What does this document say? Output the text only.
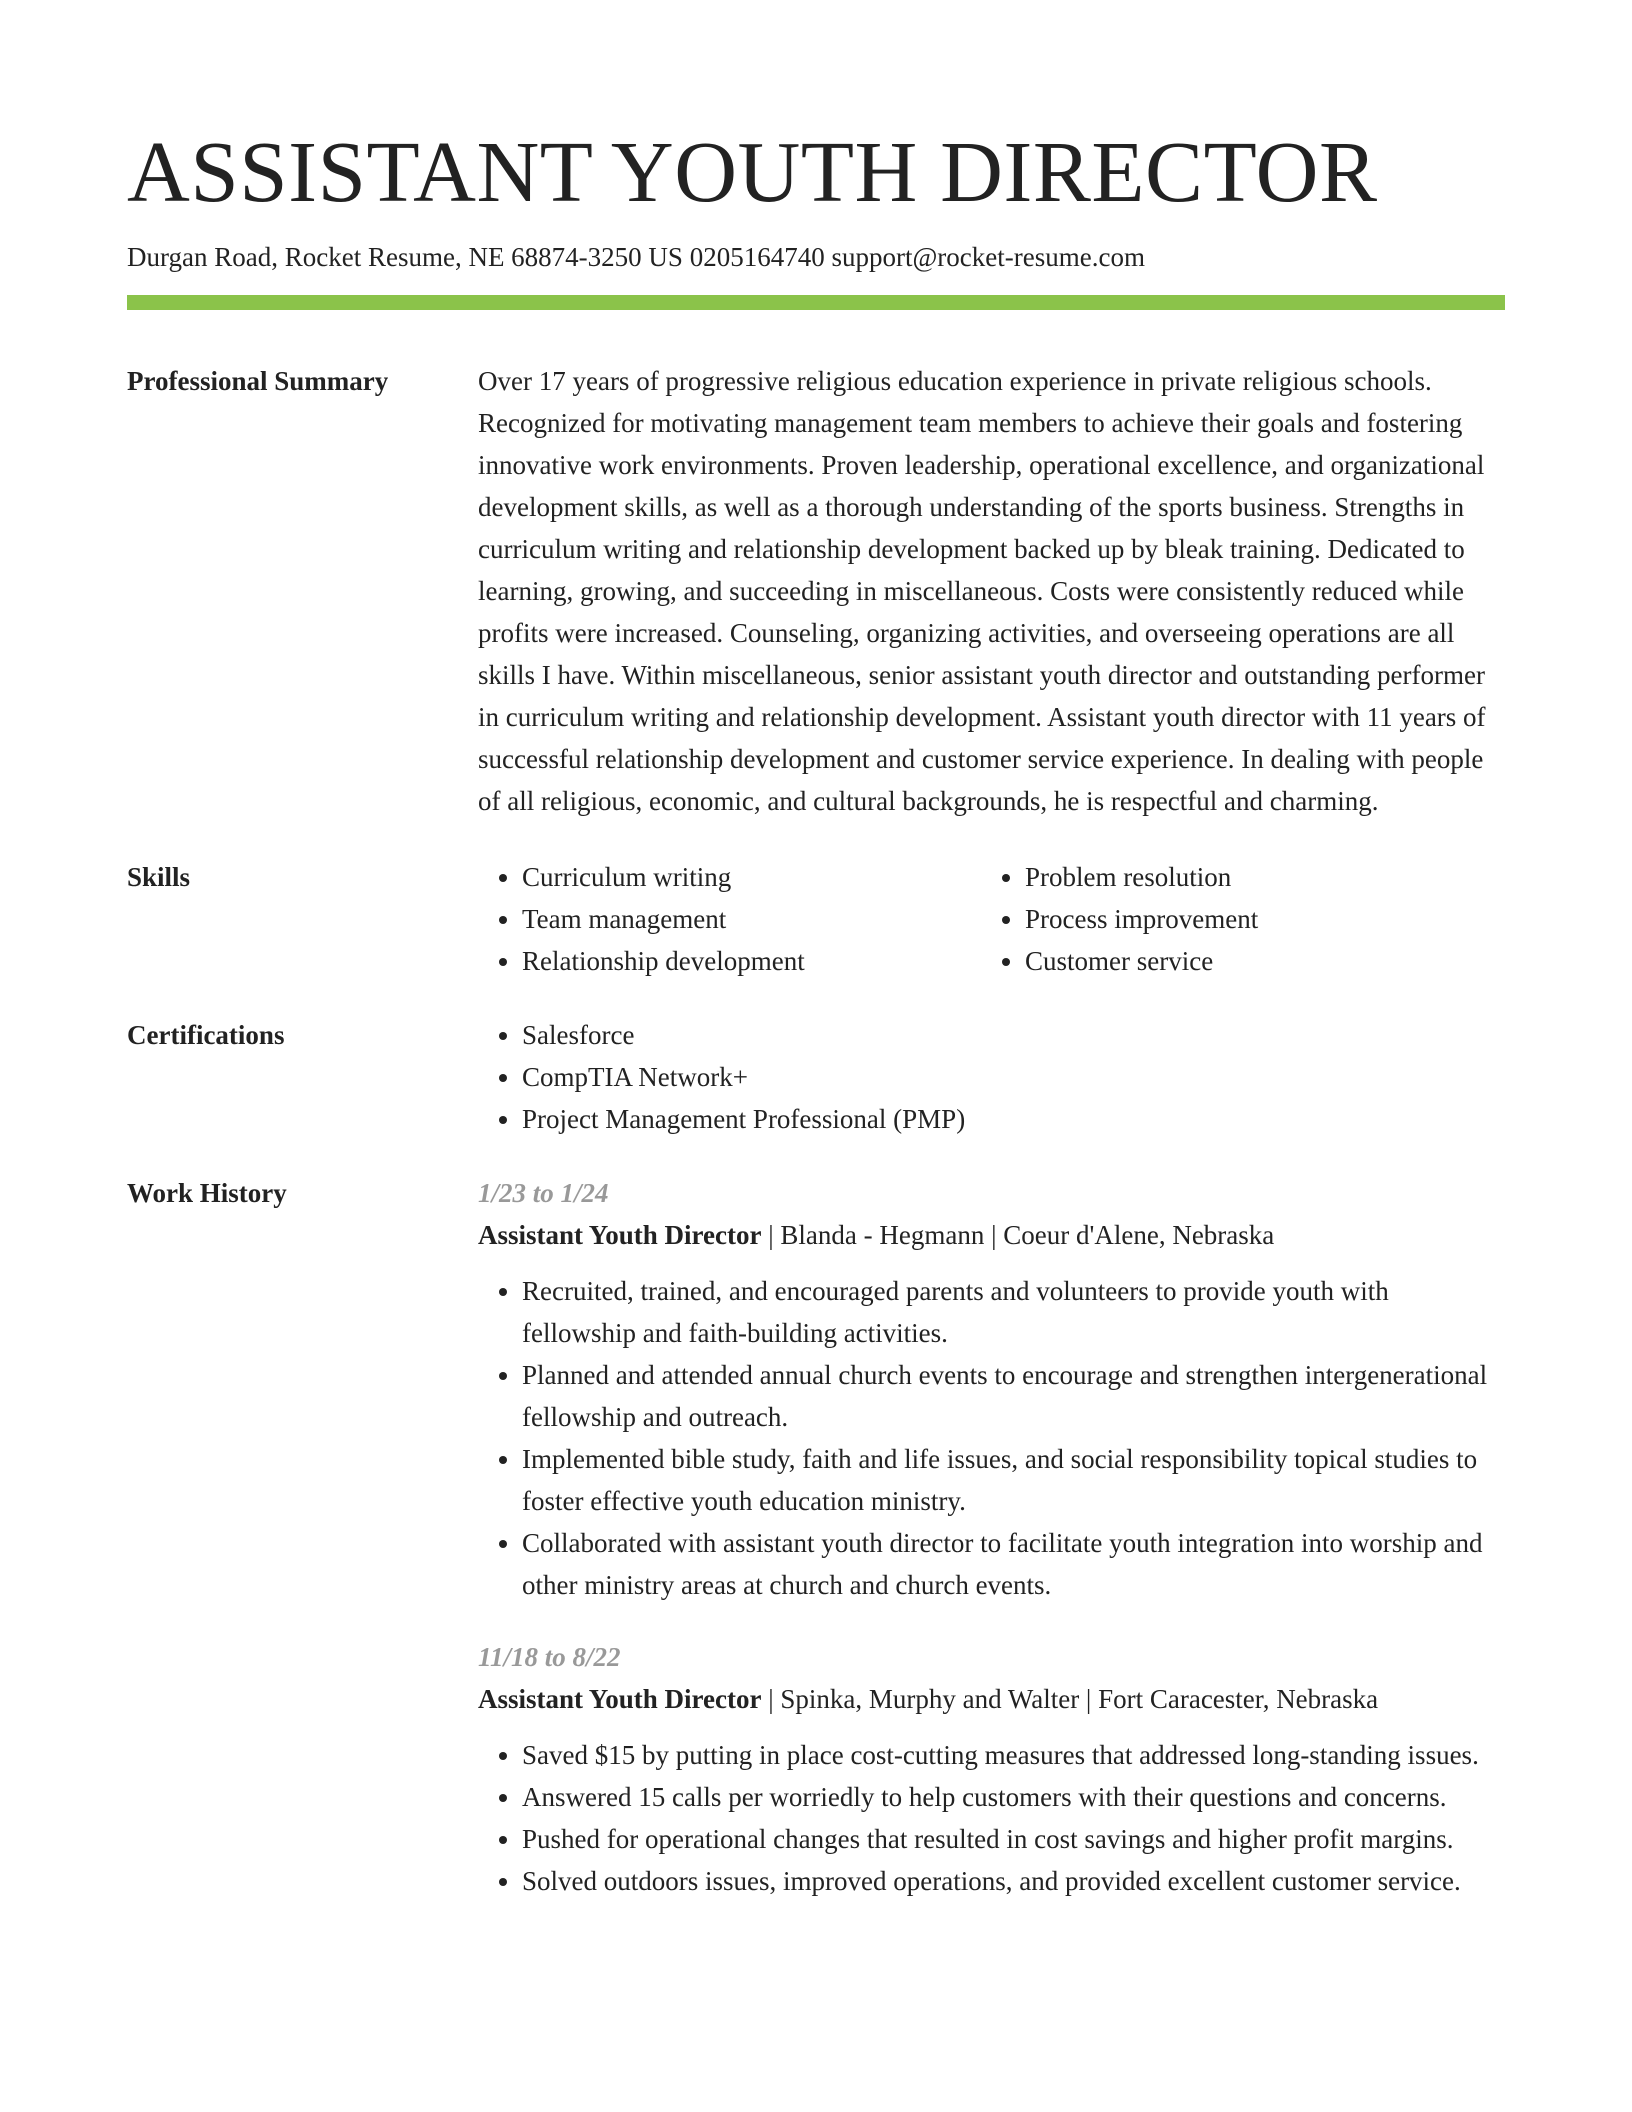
ASSISTANT YOUTH DIRECTOR
Durgan Road, Rocket Resume, NE 68874-3250 US 0205164740 support@rocket-resume.com
Professional Summary	Over 17 years of progressive religious education experience in private religious schools. Recognized for motivating management team members to achieve their goals and fostering innovative work environments. Proven leadership, operational excellence, and organizational development skills, as well as a thorough understanding of the sports business. Strengths in curriculum writing and relationship development backed up by bleak training. Dedicated to learning, growing, and succeeding in miscellaneous. Costs were consistently reduced while profits were increased. Counseling, organizing activities, and overseeing operations are all skills I have. Within miscellaneous, senior assistant youth director and outstanding performer in curriculum writing and relationship development. Assistant youth director with 11 years of successful relationship development and customer service experience. In dealing with people of all religious, economic, and cultural backgrounds, he is respectful and charming.

Skills	• Curriculum writing
• Team management
• Relationship development
• Problem resolution
• Process improvement
• Customer service
Certifications	• Salesforce
• CompTIA Network+
• Project Management Professional (PMP)
Work History	1/23 to 1/24
Assistant Youth Director | Blanda - Hegmann | Coeur d'Alene, Nebraska
• Recruited, trained, and encouraged parents and volunteers to provide youth with fellowship and faith-building activities.
• Planned and attended annual church events to encourage and strengthen intergenerational fellowship and outreach.
• Implemented bible study, faith and life issues, and social responsibility topical studies to foster effective youth education ministry.
• Collaborated with assistant youth director to facilitate youth integration into worship and other ministry areas at church and church events.
11/18 to 8/22
Assistant Youth Director | Spinka, Murphy and Walter | Fort Caracester, Nebraska
• Saved $15 by putting in place cost-cutting measures that addressed long-standing issues.
• Answered 15 calls per worriedly to help customers with their questions and concerns.
• Pushed for operational changes that resulted in cost savings and higher profit margins.
• Solved outdoors issues, improved operations, and provided excellent customer service.
